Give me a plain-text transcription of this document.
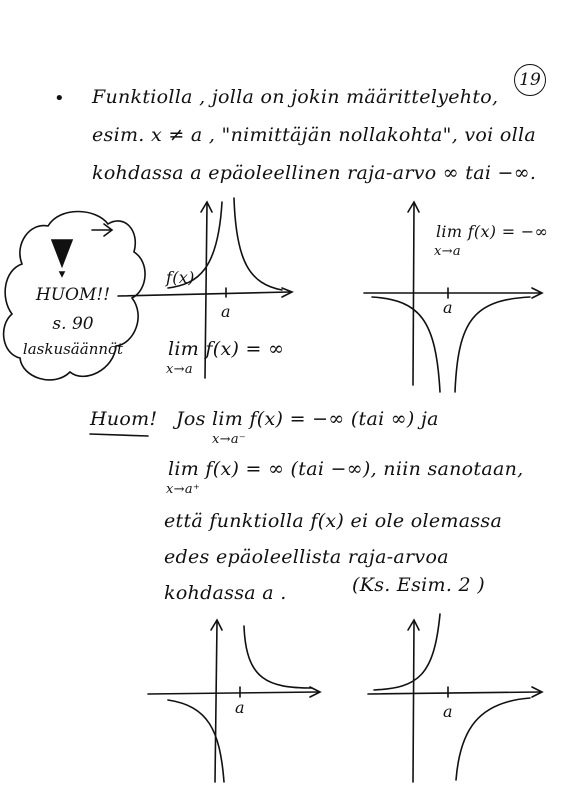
19
• Funktiolla , jolla on jokin määrittelyehto,
esim. x ≠ a , "nimittäjän nollakohta", voi olla
kohdassa a epäoleellinen raja-arvo ∞ tai −∞.
HUOM!!
s. 90
laskusäännöt
f(x)
a
lim f(x) = ∞
x→a
lim f(x) = −∞
x→a
a
Huom! Jos lim f(x) = −∞ (tai ∞) ja
x→a⁻
lim f(x) = ∞ (tai −∞), niin sanotaan,
x→a⁺
että funktiolla f(x) ei ole olemassa
edes epäoleellista raja-arvoa
kohdassa a .	(Ks. Esim. 2 )
a	a
